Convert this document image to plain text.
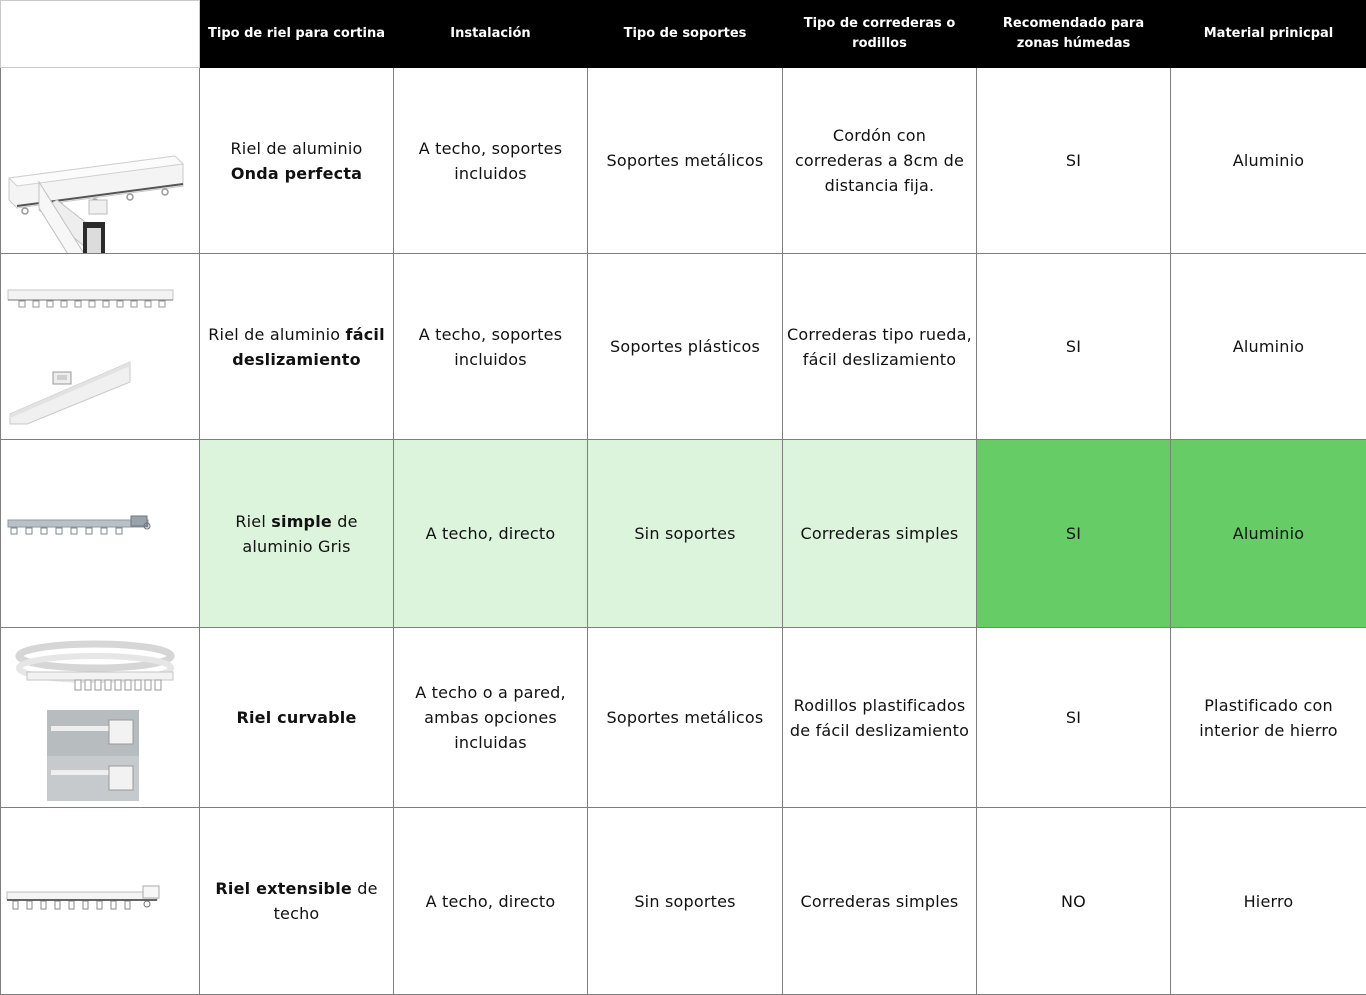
	Tipo de riel para cortina	Instalación	Tipo de soportes	Tipo de correderas o rodillos	Recomendado para zonas húmedas	Material prinicpal

	Riel de aluminio Onda perfecta	A techo, soportes incluidos	Soportes metálicos	Cordón con correderas a 8cm de distancia fija.	SI	Aluminio

	Riel de aluminio fácil deslizamiento	A techo, soportes incluidos	Soportes plásticos	Correderas tipo rueda, fácil deslizamiento	SI	Aluminio

	Riel simple de aluminio Gris	A techo, directo	Sin soportes	Correderas simples	SI	Aluminio

	Riel curvable	A techo o a pared, ambas opciones incluidas	Soportes metálicos	Rodillos plastificados de fácil deslizamiento	SI	Plastificado con interior de hierro

	Riel extensible de techo	A techo, directo	Sin soportes	Correderas simples	NO	Hierro
